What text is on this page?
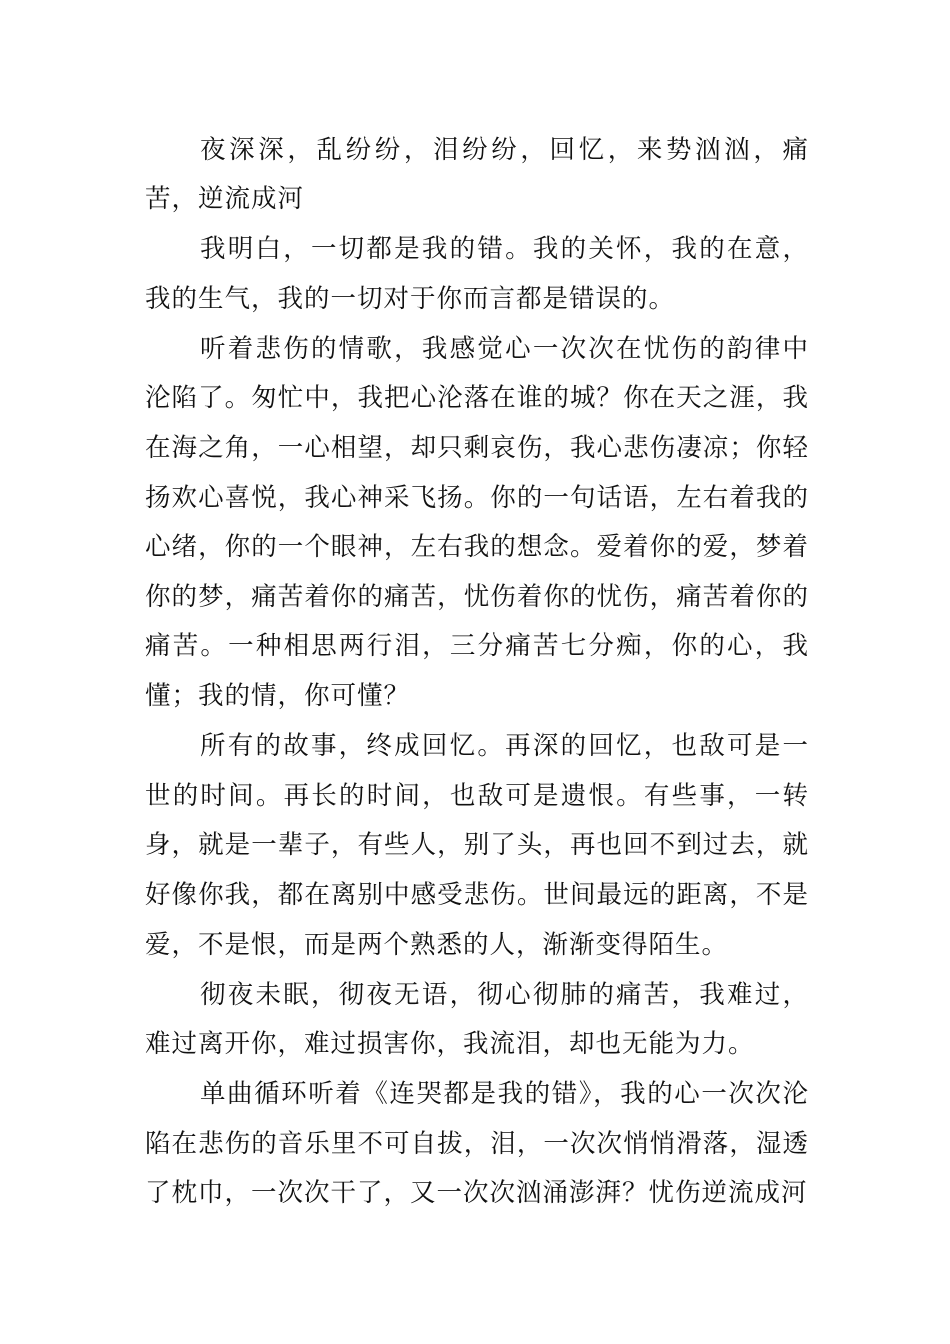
夜深深，乱纷纷，泪纷纷，回忆，来势汹汹，痛苦，逆流成河

我明白，一切都是我的错。我的关怀，我的在意，我的生气，我的一切对于你而言都是错误的。

听着悲伤的情歌，我感觉心一次次在忧伤的韵律中沦陷了。匆忙中，我把心沦落在谁的城？你在天之涯，我在海之角，一心相望，却只剩哀伤，我心悲伤凄凉；你轻扬欢心喜悦，我心神采飞扬。你的一句话语，左右着我的心绪，你的一个眼神，左右我的想念。爱着你的爱，梦着你的梦，痛苦着你的痛苦，忧伤着你的忧伤，痛苦着你的痛苦。一种相思两行泪，三分痛苦七分痴，你的心，我懂；我的情，你可懂？

所有的故事，终成回忆。再深的回忆，也敌可是一世的时间。再长的时间，也敌可是遗恨。有些事，一转身，就是一辈子，有些人，别了头，再也回不到过去，就好像你我，都在离别中感受悲伤。世间最远的距离，不是爱，不是恨，而是两个熟悉的人，渐渐变得陌生。

彻夜未眠，彻夜无语，彻心彻肺的痛苦，我难过，难过离开你，难过损害你，我流泪，却也无能为力。

单曲循环听着《连哭都是我的错》，我的心一次次沦陷在悲伤的音乐里不可自拔，泪，一次次悄悄滑落，湿透了枕巾，一次次干了，又一次次汹涌澎湃？忧伤逆流成河
